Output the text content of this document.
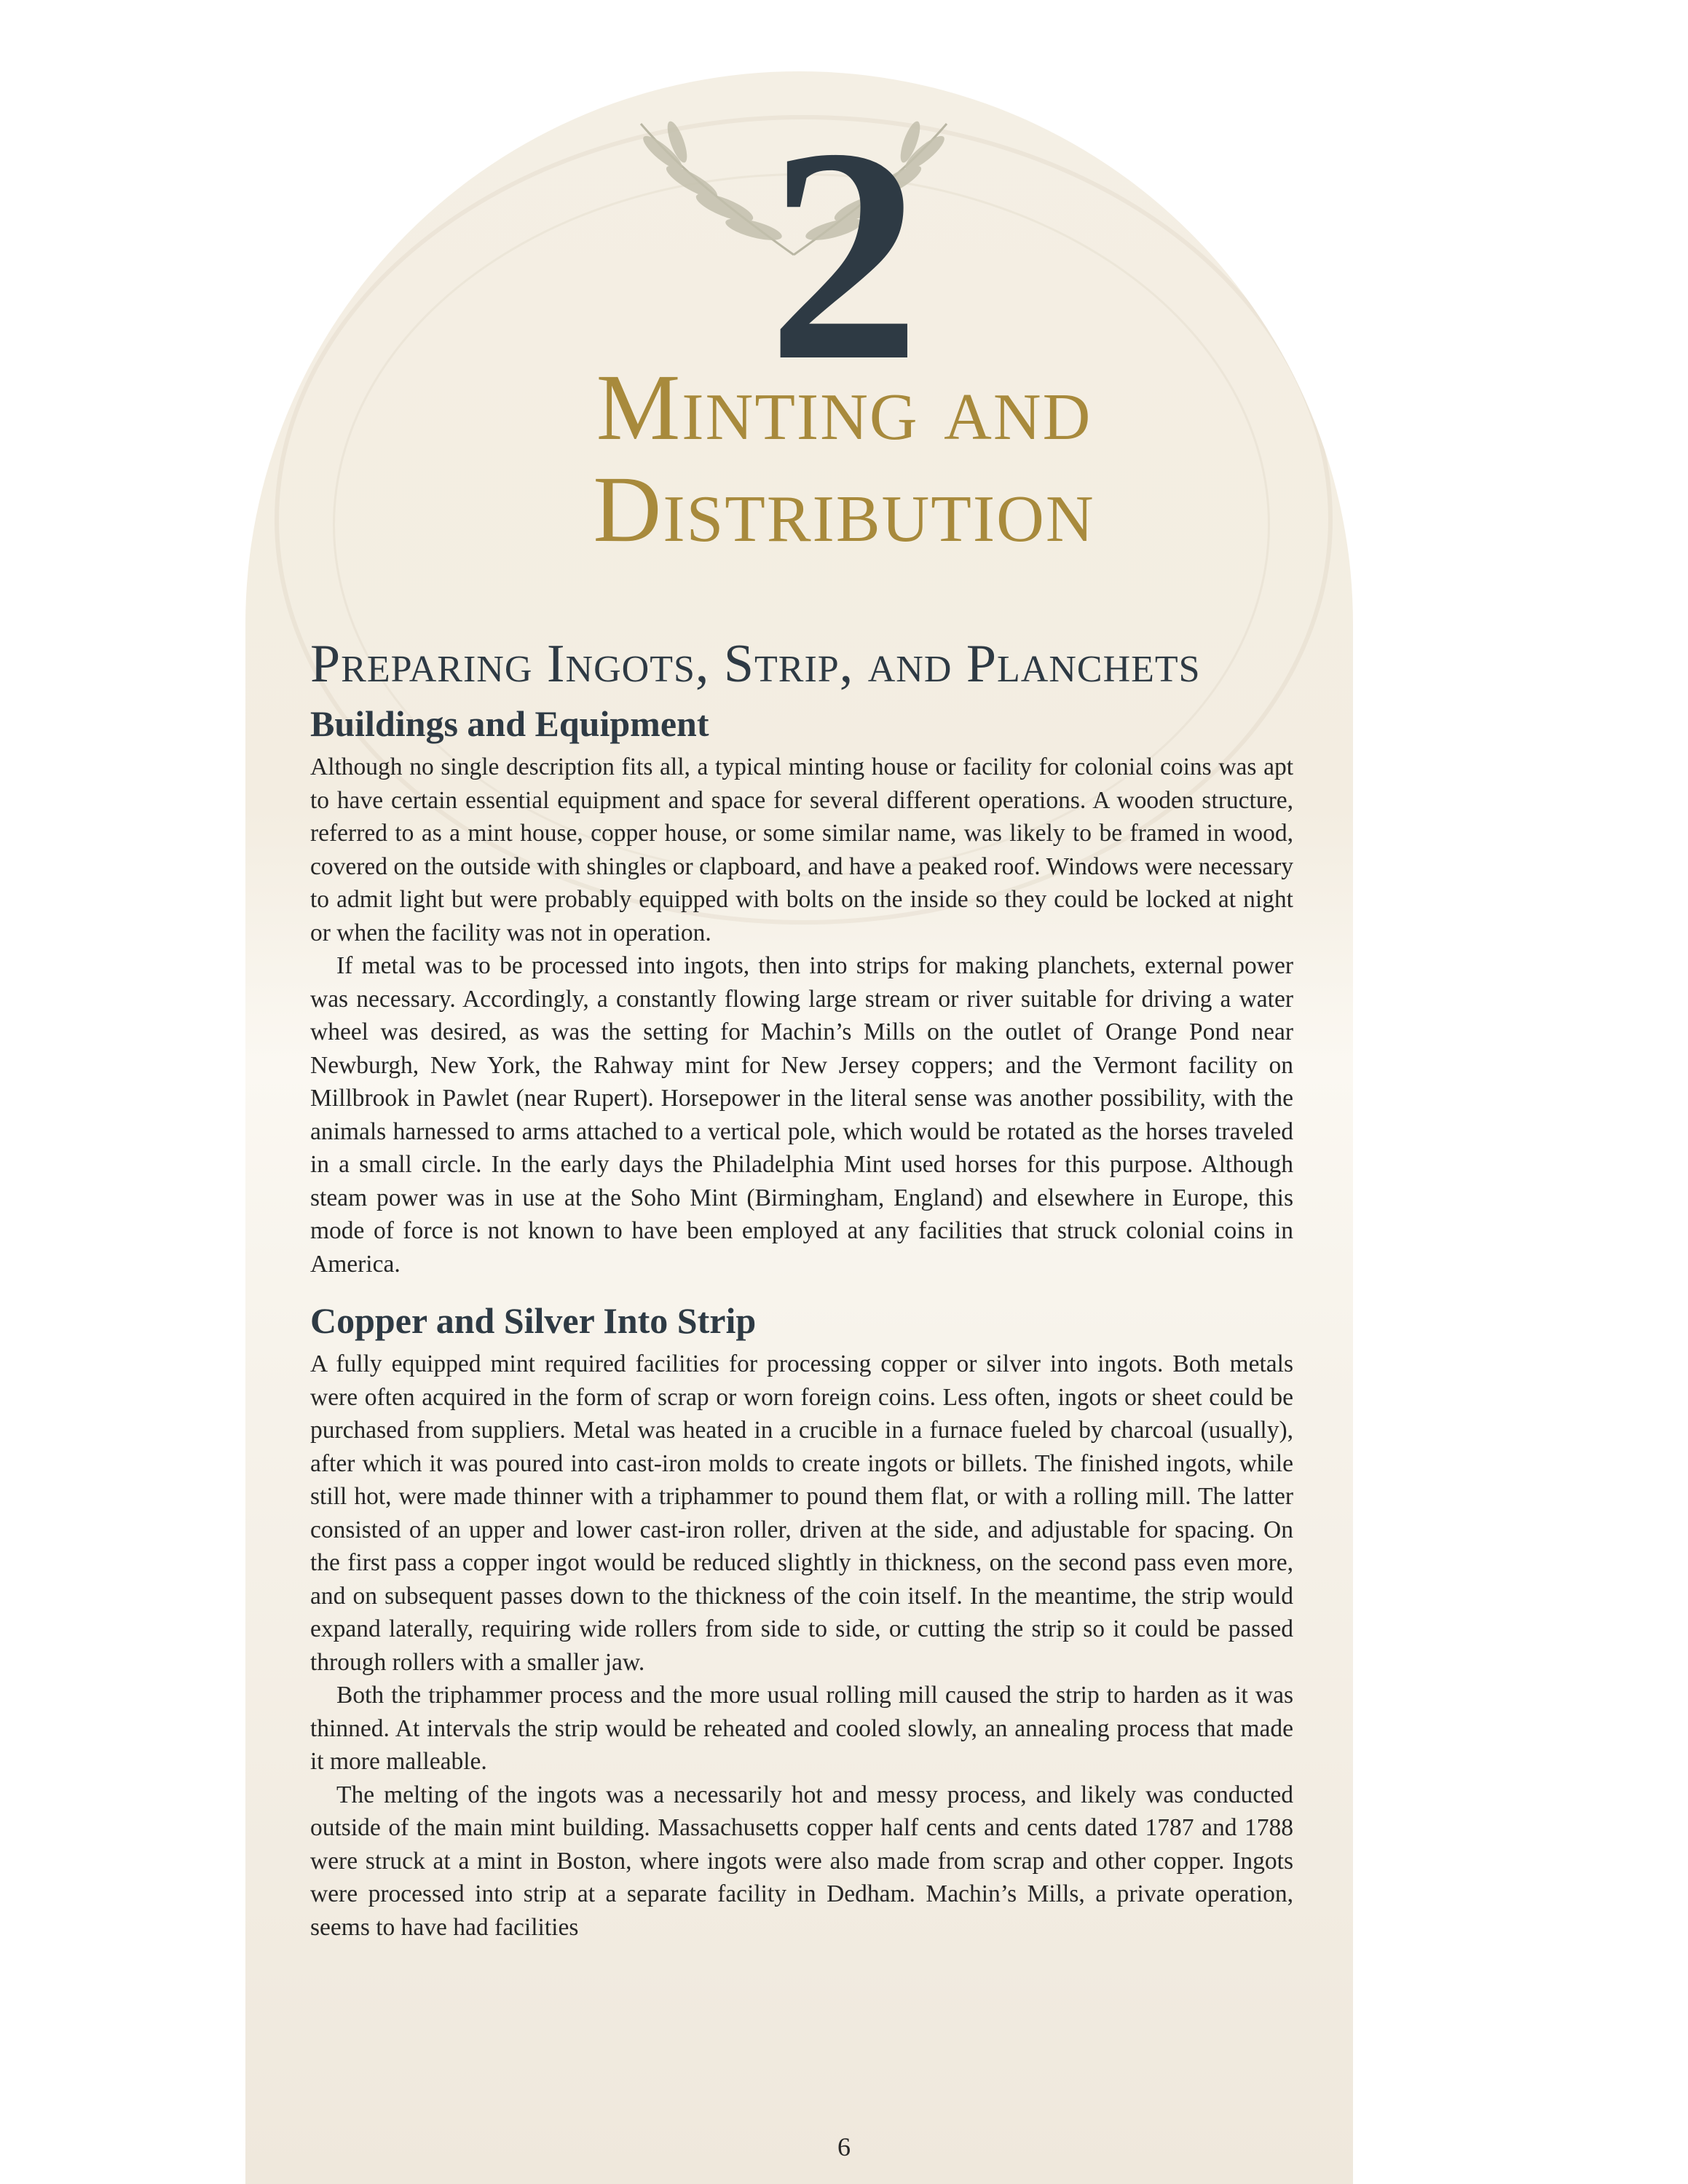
2
Minting and
Distribution
Preparing Ingots, Strip, and Planchets
Buildings and Equipment

Although no single description fits all, a typical minting house or facility for colonial coins was apt to have certain essential equipment and space for several different operations. A wooden structure, referred to as a mint house, copper house, or some similar name, was likely to be framed in wood, covered on the outside with shingles or clapboard, and have a peaked roof. Windows were necessary to admit light but were probably equipped with bolts on the inside so they could be locked at night or when the facility was not in operation.

If metal was to be processed into ingots, then into strips for making planchets, external power was necessary. Accordingly, a constantly flowing large stream or river suitable for driving a water wheel was desired, as was the setting for Machin’s Mills on the outlet of Orange Pond near Newburgh, New York, the Rahway mint for New Jersey coppers; and the Vermont facility on Millbrook in Pawlet (near Rupert). Horsepower in the literal sense was another possibility, with the animals harnessed to arms attached to a vertical pole, which would be rotated as the horses traveled in a small circle. In the early days the Philadelphia Mint used horses for this purpose. Although steam power was in use at the Soho Mint (Birmingham, England) and elsewhere in Europe, this mode of force is not known to have been employed at any facilities that struck colonial coins in America.

Copper and Silver Into Strip

A fully equipped mint required facilities for processing copper or silver into ingots. Both metals were often acquired in the form of scrap or worn foreign coins. Less often, ingots or sheet could be purchased from suppliers. Metal was heated in a crucible in a furnace fueled by charcoal (usually), after which it was poured into cast-iron molds to create ingots or billets. The finished ingots, while still hot, were made thinner with a triphammer to pound them flat, or with a rolling mill. The latter consisted of an upper and lower cast-iron roller, driven at the side, and adjustable for spacing. On the first pass a copper ingot would be reduced slightly in thickness, on the second pass even more, and on subsequent passes down to the thickness of the coin itself. In the meantime, the strip would expand laterally, requiring wide rollers from side to side, or cutting the strip so it could be passed through rollers with a smaller jaw.

Both the triphammer process and the more usual rolling mill caused the strip to harden as it was thinned. At intervals the strip would be reheated and cooled slowly, an annealing process that made it more malleable.

The melting of the ingots was a necessarily hot and messy process, and likely was conducted outside of the main mint building. Massachusetts copper half cents and cents dated 1787 and 1788 were struck at a mint in Boston, where ingots were also made from scrap and other copper. Ingots were processed into strip at a separate facility in Dedham. Machin’s Mills, a private operation, seems to have had facilities

6
